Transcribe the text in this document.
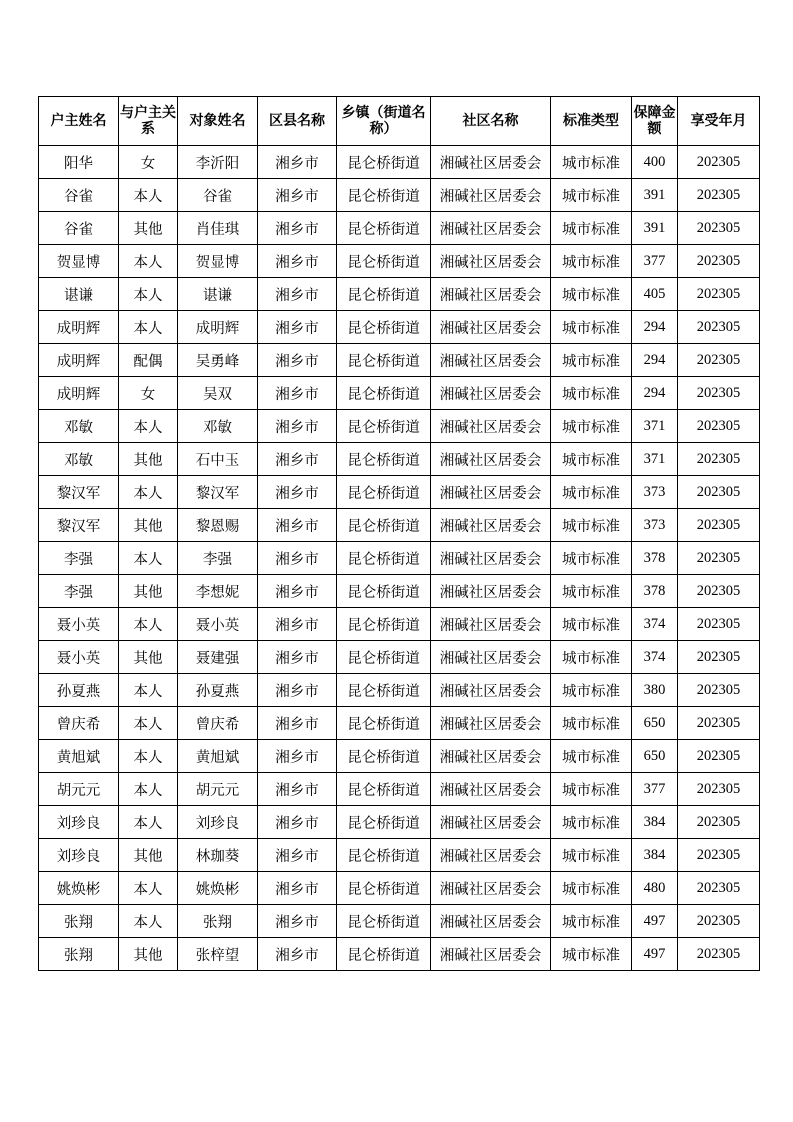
户主姓名	与户主关系	对象姓名	区县名称	乡镇（街道名称）	社区名称	标准类型	保障金额	享受年月
阳华	女	李沂阳	湘乡市	昆仑桥街道	湘碱社区居委会	城市标准	400	202305
谷雀	本人	谷雀	湘乡市	昆仑桥街道	湘碱社区居委会	城市标准	391	202305
谷雀	其他	肖佳琪	湘乡市	昆仑桥街道	湘碱社区居委会	城市标准	391	202305
贺显博	本人	贺显博	湘乡市	昆仑桥街道	湘碱社区居委会	城市标准	377	202305
谌谦	本人	谌谦	湘乡市	昆仑桥街道	湘碱社区居委会	城市标准	405	202305
成明辉	本人	成明辉	湘乡市	昆仑桥街道	湘碱社区居委会	城市标准	294	202305
成明辉	配偶	吴勇峰	湘乡市	昆仑桥街道	湘碱社区居委会	城市标准	294	202305
成明辉	女	吴双	湘乡市	昆仑桥街道	湘碱社区居委会	城市标准	294	202305
邓敏	本人	邓敏	湘乡市	昆仑桥街道	湘碱社区居委会	城市标准	371	202305
邓敏	其他	石中玉	湘乡市	昆仑桥街道	湘碱社区居委会	城市标准	371	202305
黎汉军	本人	黎汉军	湘乡市	昆仑桥街道	湘碱社区居委会	城市标准	373	202305
黎汉军	其他	黎恩赐	湘乡市	昆仑桥街道	湘碱社区居委会	城市标准	373	202305
李强	本人	李强	湘乡市	昆仑桥街道	湘碱社区居委会	城市标准	378	202305
李强	其他	李想妮	湘乡市	昆仑桥街道	湘碱社区居委会	城市标准	378	202305
聂小英	本人	聂小英	湘乡市	昆仑桥街道	湘碱社区居委会	城市标准	374	202305
聂小英	其他	聂建强	湘乡市	昆仑桥街道	湘碱社区居委会	城市标准	374	202305
孙夏燕	本人	孙夏燕	湘乡市	昆仑桥街道	湘碱社区居委会	城市标准	380	202305
曾庆希	本人	曾庆希	湘乡市	昆仑桥街道	湘碱社区居委会	城市标准	650	202305
黄旭斌	本人	黄旭斌	湘乡市	昆仑桥街道	湘碱社区居委会	城市标准	650	202305
胡元元	本人	胡元元	湘乡市	昆仑桥街道	湘碱社区居委会	城市标准	377	202305
刘珍良	本人	刘珍良	湘乡市	昆仑桥街道	湘碱社区居委会	城市标准	384	202305
刘珍良	其他	林珈葵	湘乡市	昆仑桥街道	湘碱社区居委会	城市标准	384	202305
姚焕彬	本人	姚焕彬	湘乡市	昆仑桥街道	湘碱社区居委会	城市标准	480	202305
张翔	本人	张翔	湘乡市	昆仑桥街道	湘碱社区居委会	城市标准	497	202305
张翔	其他	张梓望	湘乡市	昆仑桥街道	湘碱社区居委会	城市标准	497	202305
